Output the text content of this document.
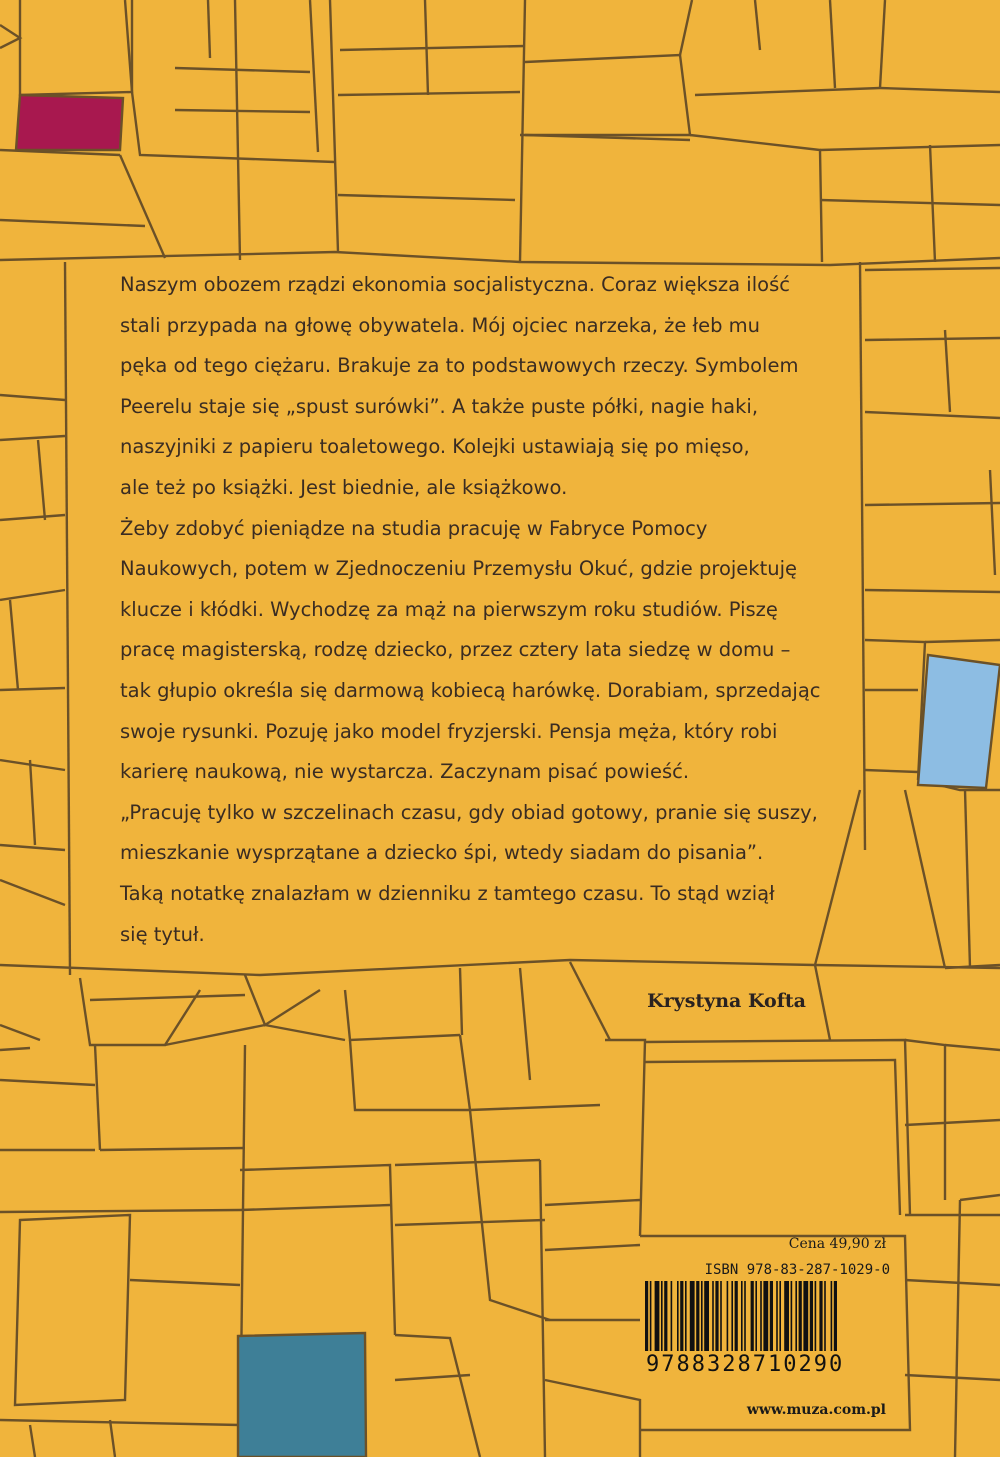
Naszym obozem rządzi ekonomia socjalistyczna. Coraz większa ilość
stali przypada na głowę obywatela. Mój ojciec narzeka, że łeb mu
pęka od tego ciężaru. Brakuje za to podstawowych rzeczy. Symbolem
Peerelu staje się „spust surówki”. A także puste półki, nagie haki,
naszyjniki z papieru toaletowego. Kolejki ustawiają się po mięso,
ale też po książki. Jest biednie, ale książkowo.
Żeby zdobyć pieniądze na studia pracuję w Fabryce Pomocy
Naukowych, potem w Zjednoczeniu Przemysłu Okuć, gdzie projektuję
klucze i kłódki. Wychodzę za mąż na pierwszym roku studiów. Piszę
pracę magisterską, rodzę dziecko, przez cztery lata siedzę w domu –
tak głupio określa się darmową kobiecą harówkę. Dorabiam, sprzedając
swoje rysunki. Pozuję jako model fryzjerski. Pensja męża, który robi
karierę naukową, nie wystarcza. Zaczynam pisać powieść.
„Pracuję tylko w szczelinach czasu, gdy obiad gotowy, pranie się suszy,
mieszkanie wysprzątane a dziecko śpi, wtedy siadam do pisania”.
Taką notatkę znalazłam w dzienniku z tamtego czasu. To stąd wziął
się tytuł.

Krystyna Kofta
Cena 49,90 zł
ISBN 978-83-287-1029-0
9788328710290
www.muza.com.pl
